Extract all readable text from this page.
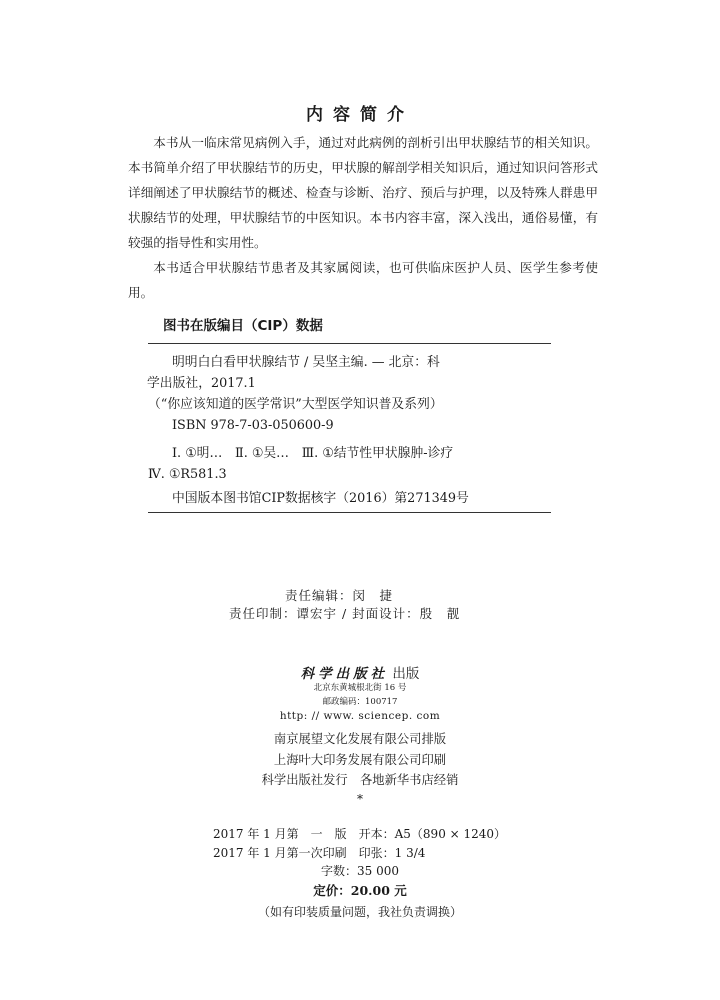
内容简介

本书从一临床常见病例入手，通过对此病例的剖析引出甲状腺结节的相关知识。本书简单介绍了甲状腺结节的历史，甲状腺的解剖学相关知识后，通过知识问答形式详细阐述了甲状腺结节的概述、检查与诊断、治疗、预后与护理，以及特殊人群患甲状腺结节的处理，甲状腺结节的中医知识。本书内容丰富，深入浅出，通俗易懂，有较强的指导性和实用性。

本书适合甲状腺结节患者及其家属阅读，也可供临床医护人员、医学生参考使用。

图书在版编目（CIP）数据
明明白白看甲状腺结节 / 吴坚主编. — 北京：科
学出版社，2017.1
（“你应该知道的医学常识”大型医学知识普及系列）
ISBN 978-7-03-050600-9
Ⅰ. ①明…　Ⅱ. ①吴…　Ⅲ. ①结节性甲状腺肿-诊疗
Ⅳ. ①R581.3
中国版本图书馆CIP数据核字（2016）第271349号
责任编辑：闵　捷
责任印制：谭宏宇 / 封面设计：殷　靓
科学出版社 出版
北京东黄城根北街 16 号
邮政编码：100717
http: // www. sciencep. com
南京展望文化发展有限公司排版
上海叶大印务发展有限公司印刷
科学出版社发行　各地新华书店经销
*
2017 年 1 月第　一　版　开本：A5（890 × 1240）
2017 年 1 月第一次印刷　印张：1 3/4
字数：35 000
定价：20.00 元
（如有印装质量问题，我社负责调换）
